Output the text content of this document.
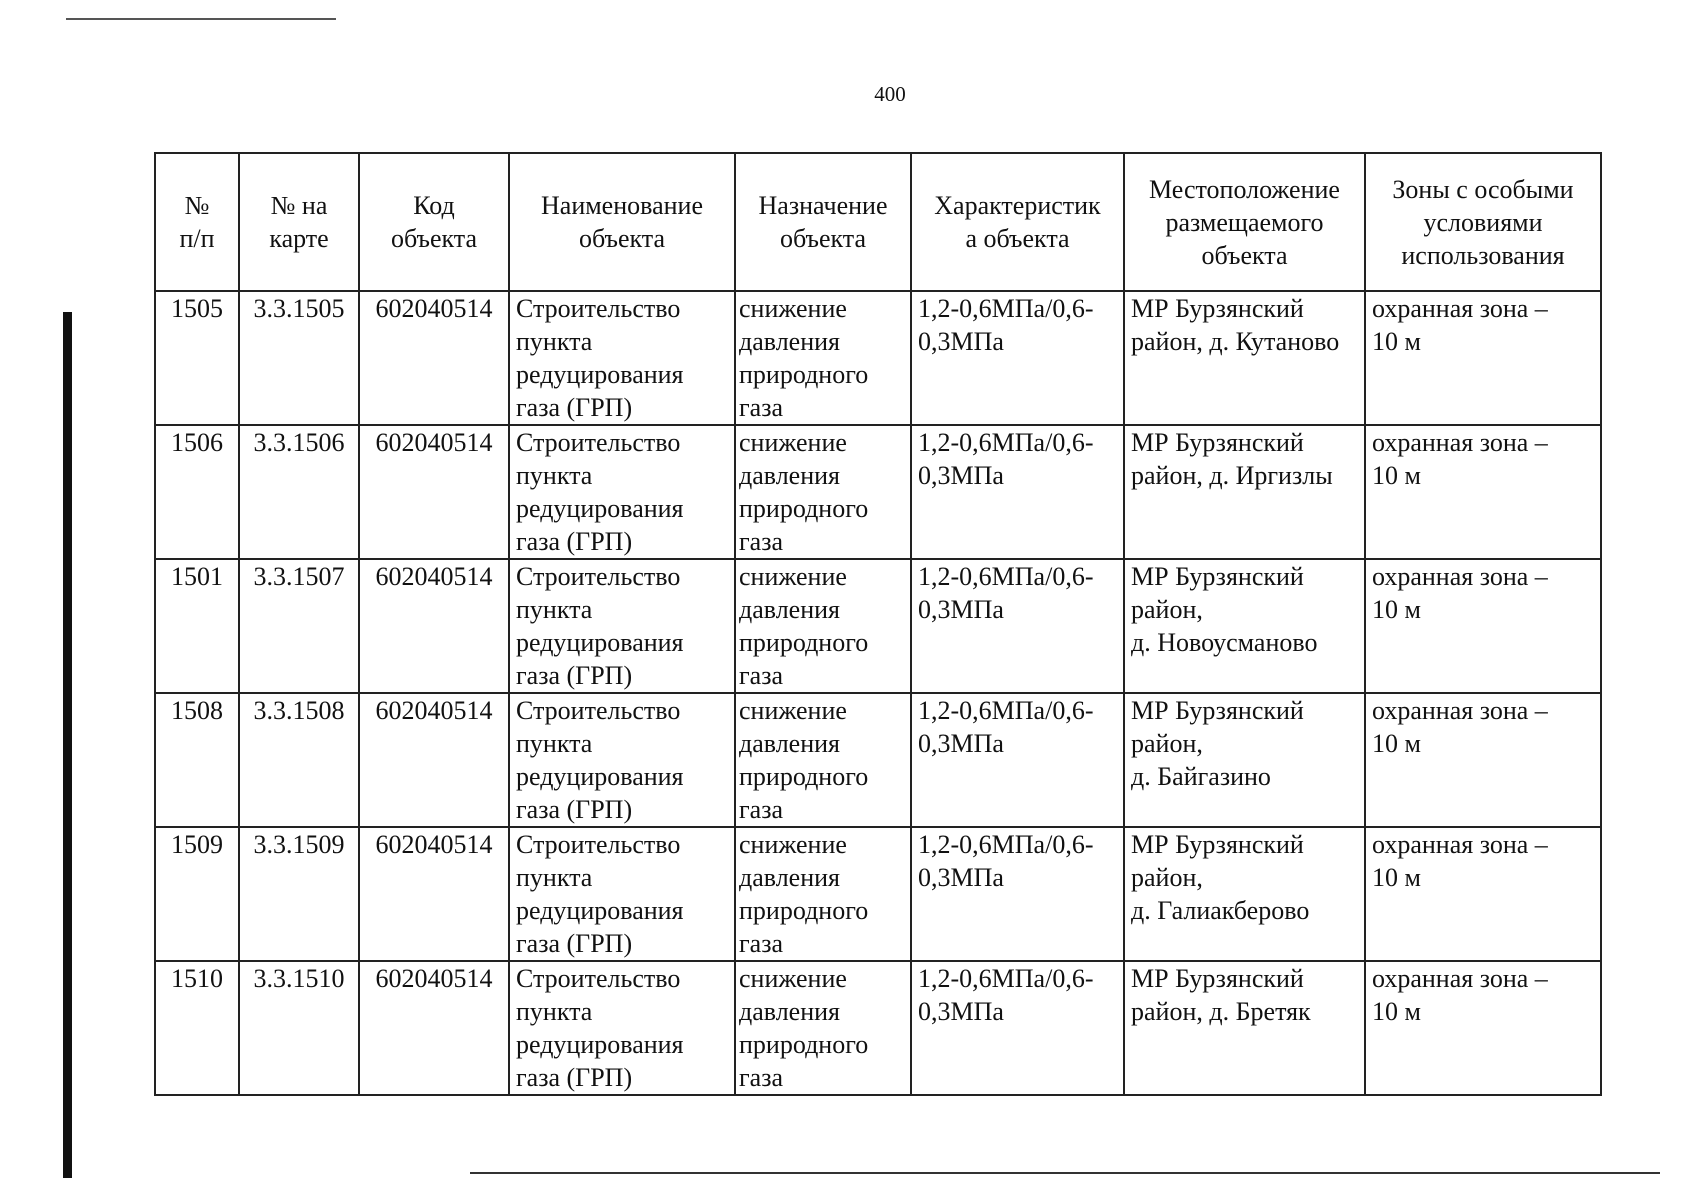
400
№
п/п	№ на
карте	Код
объекта	Наименование
объекта	Назначение
объекта	Характеристик
а объекта	Местоположение
размещаемого
объекта	Зоны с особыми
условиями
использования

1505	3.3.1505	602040514	Строительство
пункта
редуцирования
газа (ГРП)	снижение
давления
природного
газа	1,2-0,6МПа/0,6-
0,3МПа	МР Бурзянский
район, д. Кутаново	охранная зона –
10 м

1506	3.3.1506	602040514	Строительство
пункта
редуцирования
газа (ГРП)	снижение
давления
природного
газа	1,2-0,6МПа/0,6-
0,3МПа	МР Бурзянский
район, д. Иргизлы	охранная зона –
10 м

1501	3.3.1507	602040514	Строительство
пункта
редуцирования
газа (ГРП)	снижение
давления
природного
газа	1,2-0,6МПа/0,6-
0,3МПа	МР Бурзянский
район,
д. Новоусманово	охранная зона –
10 м

1508	3.3.1508	602040514	Строительство
пункта
редуцирования
газа (ГРП)	снижение
давления
природного
газа	1,2-0,6МПа/0,6-
0,3МПа	МР Бурзянский
район,
д. Байгазино	охранная зона –
10 м

1509	3.3.1509	602040514	Строительство
пункта
редуцирования
газа (ГРП)	снижение
давления
природного
газа	1,2-0,6МПа/0,6-
0,3МПа	МР Бурзянский
район,
д. Галиакберово	охранная зона –
10 м

1510	3.3.1510	602040514	Строительство
пункта
редуцирования
газа (ГРП)	снижение
давления
природного
газа	1,2-0,6МПа/0,6-
0,3МПа	МР Бурзянский
район, д. Бретяк	охранная зона –
10 м
